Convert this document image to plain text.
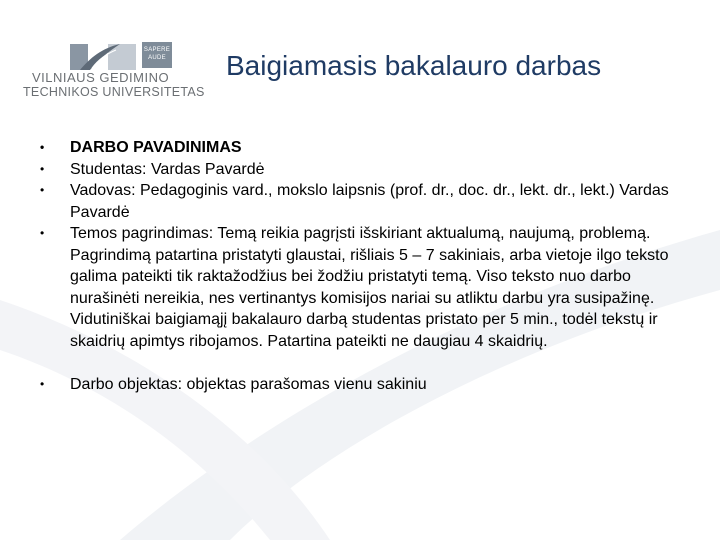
SAPERE AUDE
VILNIAUS GEDIMINO
TECHNIKOS UNIVERSITETAS
Baigiamasis bakalauro darbas
• DARBO PAVADINIMAS
• Studentas: Vardas Pavardė
• Vadovas: Pedagoginis vard., mokslo laipsnis (prof. dr., doc. dr., lekt. dr., lekt.) Vardas Pavardė
• Temos pagrindimas: Temą reikia pagrįsti išskiriant aktualumą, naujumą, problemą. Pagrindimą patartina pristatyti glaustai, rišliais 5 – 7 sakiniais, arba vietoje ilgo teksto galima pateikti tik raktažodžius bei žodžiu pristatyti temą. Viso teksto nuo darbo nurašinėti nereikia, nes vertinantys komisijos nariai su atliktu darbu yra susipažinę. Vidutiniškai baigiamąjį bakalauro darbą studentas pristato per 5 min., todėl tekstų ir skaidrių apimtys ribojamos. Patartina pateikti ne daugiau 4 skaidrių.
• Darbo objektas: objektas parašomas vienu sakiniu
